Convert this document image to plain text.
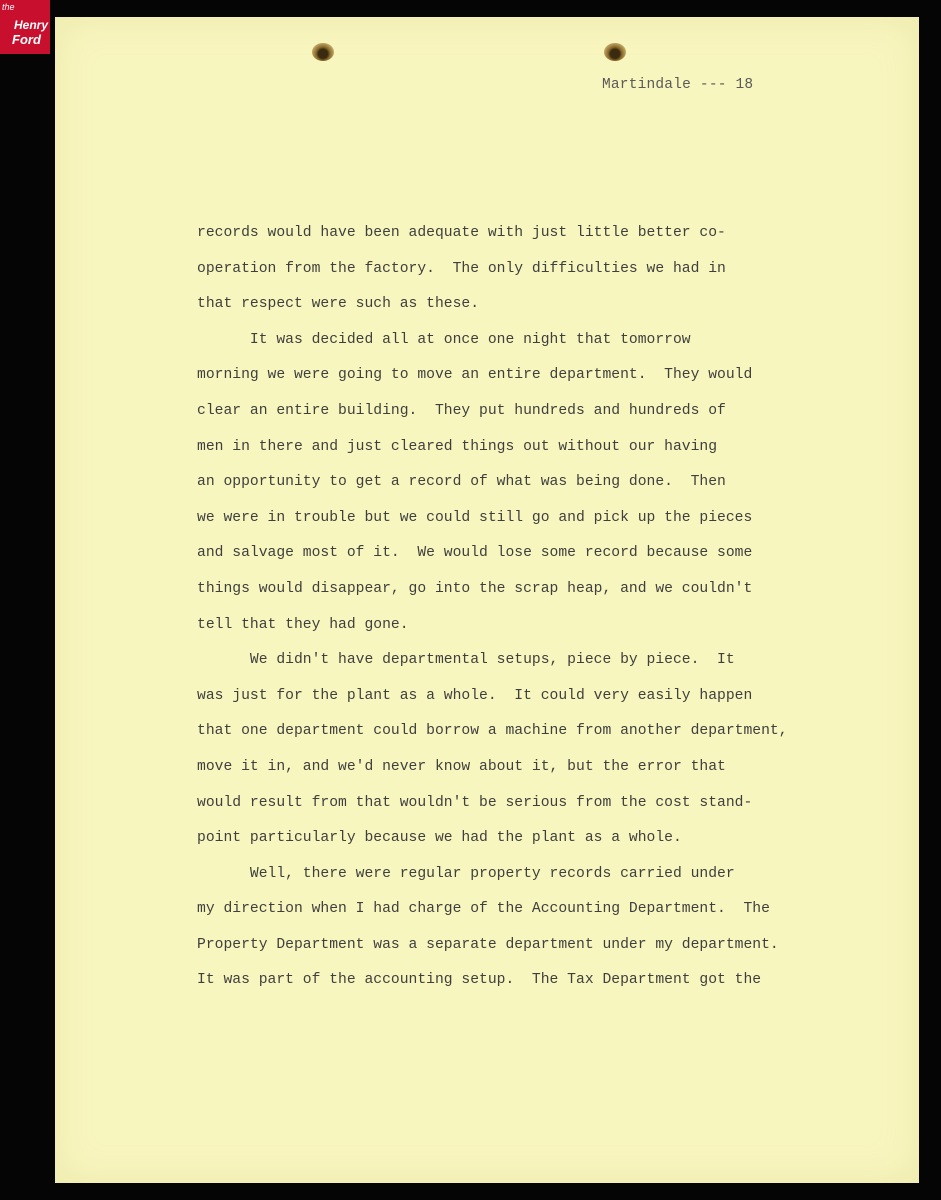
the
Henry
Ford
Martindale --- 18
records would have been adequate with just little better co-
operation from the factory.  The only difficulties we had in
that respect were such as these.
It was decided all at once one night that tomorrow
morning we were going to move an entire department.  They would
clear an entire building.  They put hundreds and hundreds of
men in there and just cleared things out without our having
an opportunity to get a record of what was being done.  Then
we were in trouble but we could still go and pick up the pieces
and salvage most of it.  We would lose some record because some
things would disappear, go into the scrap heap, and we couldn't
tell that they had gone.
We didn't have departmental setups, piece by piece.  It
was just for the plant as a whole.  It could very easily happen
that one department could borrow a machine from another department,
move it in, and we'd never know about it, but the error that
would result from that wouldn't be serious from the cost stand-
point particularly because we had the plant as a whole.
Well, there were regular property records carried under
my direction when I had charge of the Accounting Department.  The
Property Department was a separate department under my department.
It was part of the accounting setup.  The Tax Department got the
